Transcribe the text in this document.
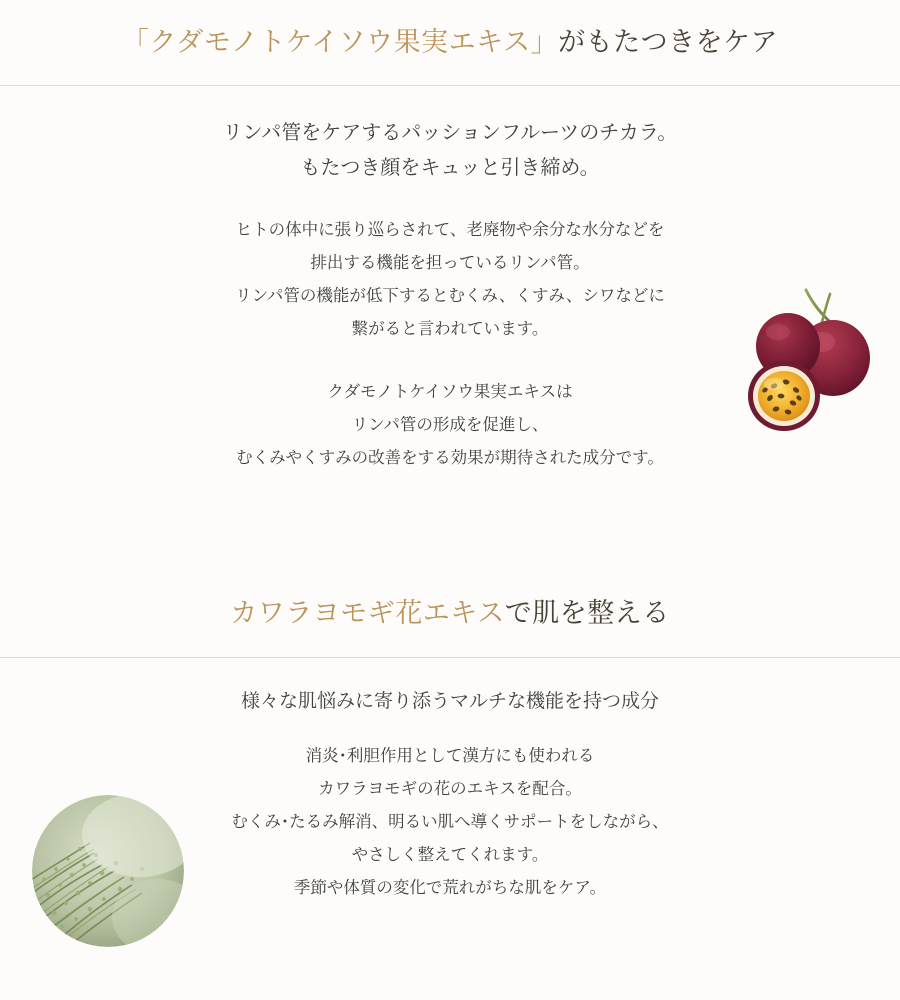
「クダモノトケイソウ果実エキス」がもたつきをケア
リンパ管をケアするパッションフルーツのチカラ。
もたつき顔をキュッと引き締め。
ヒトの体中に張り巡らされて、老廃物や余分な水分などを
排出する機能を担っているリンパ管。
リンパ管の機能が低下するとむくみ、くすみ、シワなどに
繋がると言われています。
クダモノトケイソウ果実エキスは
リンパ管の形成を促進し、
むくみやくすみの改善をする効果が期待された成分です。
カワラヨモギ花エキスで肌を整える
様々な肌悩みに寄り添うマルチな機能を持つ成分
消炎･利胆作用として漢方にも使われる
カワラヨモギの花のエキスを配合。
むくみ･たるみ解消、明るい肌へ導くサポートをしながら、
やさしく整えてくれます。
季節や体質の変化で荒れがちな肌をケア。
